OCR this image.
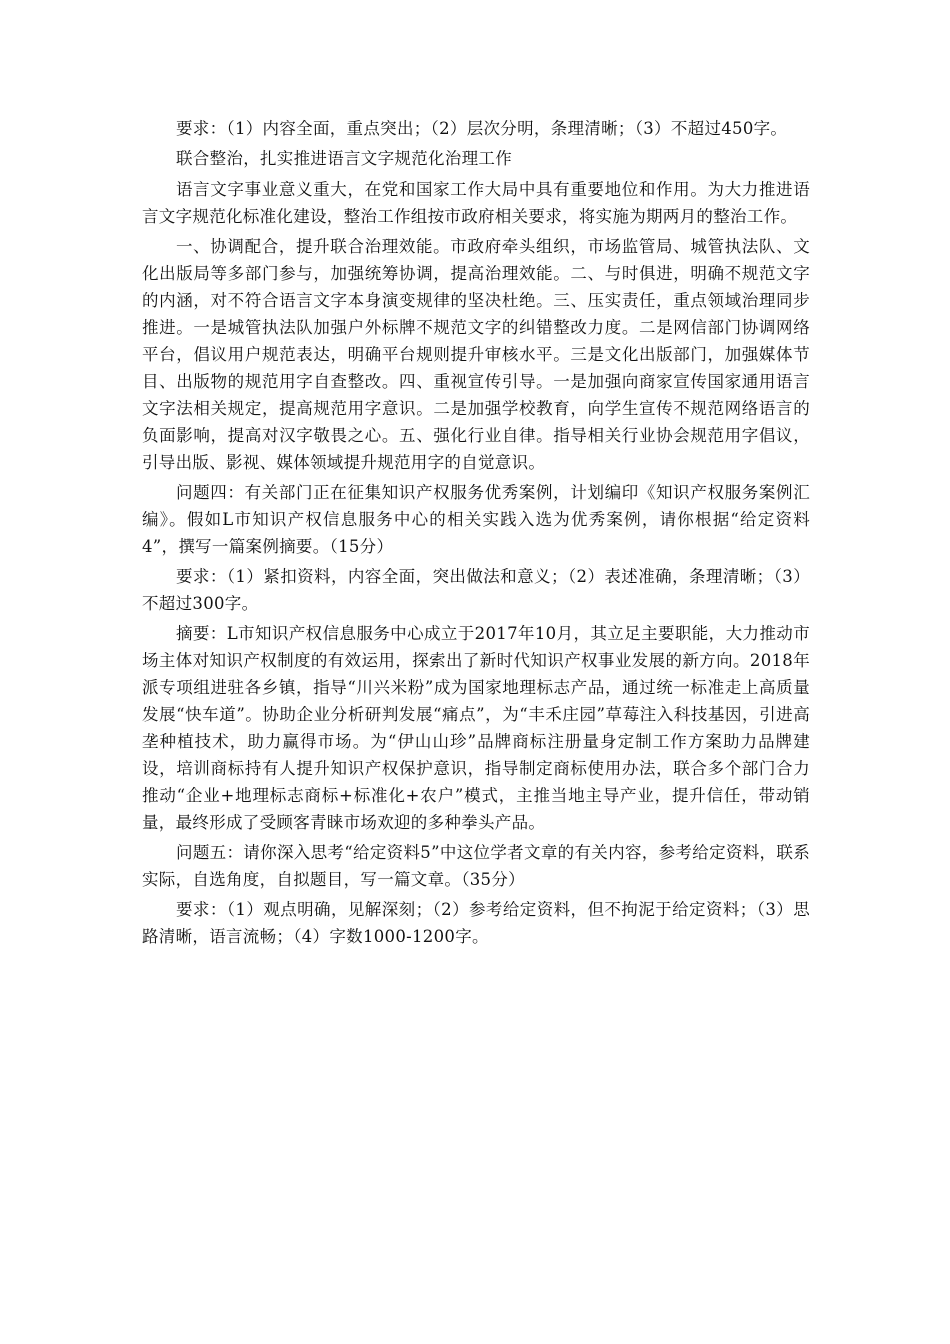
要求：（1）内容全面，重点突出；（2）层次分明，条理清晰；（3）不超过450字。

联合整治，扎实推进语言文字规范化治理工作

语言文字事业意义重大，在党和国家工作大局中具有重要地位和作用。为大力推进语言文字规范化标准化建设，整治工作组按市政府相关要求，将实施为期两月的整治工作。

一、协调配合，提升联合治理效能。市政府牵头组织，市场监管局、城管执法队、文化出版局等多部门参与，加强统筹协调，提高治理效能。二、与时俱进，明确不规范文字的内涵，对不符合语言文字本身演变规律的坚决杜绝。三、压实责任，重点领域治理同步推进。一是城管执法队加强户外标牌不规范文字的纠错整改力度。二是网信部门协调网络平台，倡议用户规范表达，明确平台规则提升审核水平。三是文化出版部门，加强媒体节目、出版物的规范用字自查整改。四、重视宣传引导。一是加强向商家宣传国家通用语言文字法相关规定，提高规范用字意识。二是加强学校教育，向学生宣传不规范网络语言的负面影响，提高对汉字敬畏之心。五、强化行业自律。指导相关行业协会规范用字倡议，引导出版、影视、媒体领域提升规范用字的自觉意识。

问题四：有关部门正在征集知识产权服务优秀案例，计划编印《知识产权服务案例汇编》。假如L市知识产权信息服务中心的相关实践入选为优秀案例，请你根据“给定资料4”，撰写一篇案例摘要。（15分）

要求：（1）紧扣资料，内容全面，突出做法和意义；（2）表述准确，条理清晰；（3）不超过300字。

摘要：L市知识产权信息服务中心成立于2017年10月，其立足主要职能，大力推动市场主体对知识产权制度的有效运用，探索出了新时代知识产权事业发展的新方向。2018年派专项组进驻各乡镇，指导“川兴米粉”成为国家地理标志产品，通过统一标准走上高质量发展“快车道”。协助企业分析研判发展“痛点”，为“丰禾庄园”草莓注入科技基因，引进高垄种植技术，助力赢得市场。为“伊山山珍”品牌商标注册量身定制工作方案助力品牌建设，培训商标持有人提升知识产权保护意识，指导制定商标使用办法，联合多个部门合力推动“企业+地理标志商标+标准化+农户”模式，主推当地主导产业，提升信任，带动销量，最终形成了受顾客青睐市场欢迎的多种拳头产品。

问题五：请你深入思考“给定资料5”中这位学者文章的有关内容，参考给定资料，联系实际，自选角度，自拟题目，写一篇文章。（35分）

要求：（1）观点明确，见解深刻；（2）参考给定资料，但不拘泥于给定资料；（3）思路清晰，语言流畅；（4）字数1000-1200字。
